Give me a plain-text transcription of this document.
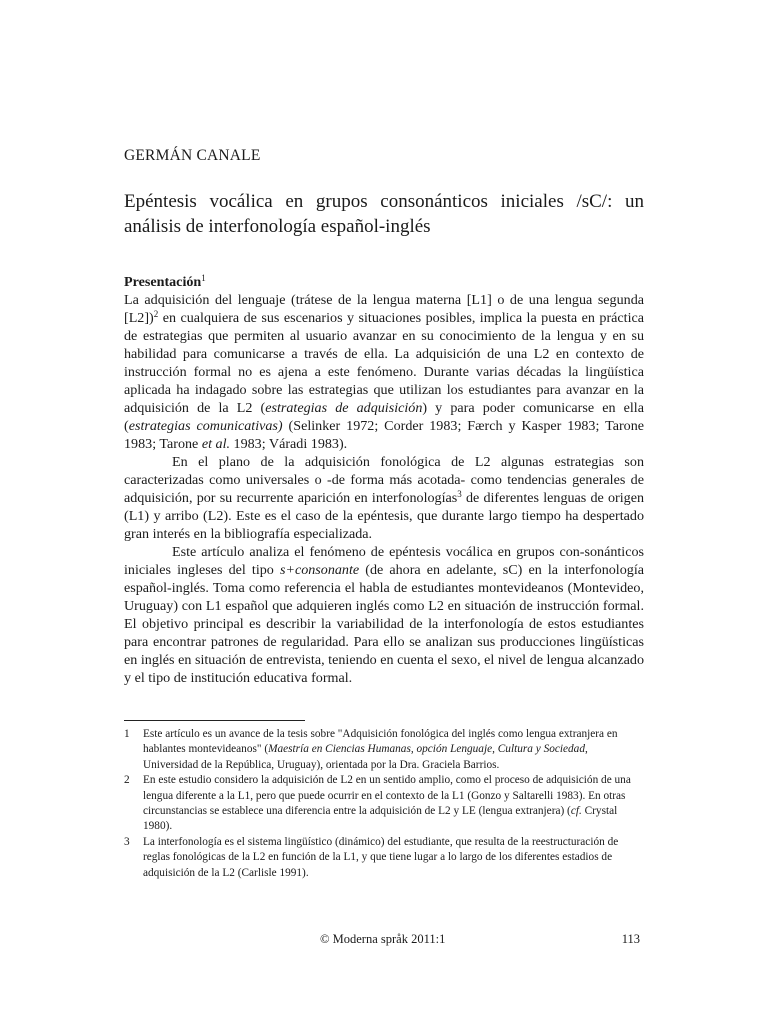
GERMÁN CANALE
Epéntesis vocálica en grupos consonánticos iniciales /sC/: un análisis de interfonología español-inglés
Presentación$^1$

La adquisición del lenguaje (trátese de la lengua materna [L1] o de una lengua segunda [L2])$^2$ en cualquiera de sus escenarios y situaciones posibles, implica la puesta en práctica de estrategias que permiten al usuario avanzar en su conocimiento de la lengua y en su habilidad para comunicarse a través de ella. La adquisición de una L2 en contexto de instrucción formal no es ajena a este fenómeno. Durante varias décadas la lingüística aplicada ha indagado sobre las estrategias que utilizan los estudiantes para avanzar en la adquisición de la L2 (estrategias de adquisición) y para poder comunicarse en ella (estrategias comunicativas) (Selinker 1972; Corder 1983; Færch y Kasper 1983; Tarone 1983; Tarone et al. 1983; Váradi 1983).

En el plano de la adquisición fonológica de L2 algunas estrategias son caracterizadas como universales o -de forma más acotada- como tendencias generales de adquisición, por su recurrente aparición en interfonologías$^3$ de diferentes lenguas de origen (L1) y arribo (L2). Este es el caso de la epéntesis, que durante largo tiempo ha despertado gran interés en la bibliografía especializada.

Este artículo analiza el fenómeno de epéntesis vocálica en grupos con-sonánticos iniciales ingleses del tipo s+consonante (de ahora en adelante, sC) en la interfonología español-inglés. Toma como referencia el habla de estudiantes montevideanos (Montevideo, Uruguay) con L1 español que adquieren inglés como L2 en situación de instrucción formal. El objetivo principal es describir la variabilidad de la interfonología de estos estudiantes para encontrar patrones de regularidad. Para ello se analizan sus producciones lingüísticas en inglés en situación de entrevista, teniendo en cuenta el sexo, el nivel de lengua alcanzado y el tipo de institución educativa formal.

1	Este artículo es un avance de la tesis sobre "Adquisición fonológica del inglés como lengua extranjera en hablantes montevideanos" (Maestría en Ciencias Humanas, opción Lenguaje, Cultura y Sociedad, Universidad de la República, Uruguay), orientada por la Dra. Graciela Barrios.
2	En este estudio considero la adquisición de L2 en un sentido amplio, como el proceso de adquisición de una lengua diferente a la L1, pero que puede ocurrir en el contexto de la L1 (Gonzo y Saltarelli 1983). En otras circunstancias se establece una diferencia entre la adquisición de L2 y LE (lengua extranjera) (cf. Crystal 1980).
3	La interfonología es el sistema lingüístico (dinámico) del estudiante, que resulta de la reestructuración de reglas fonológicas de la L2 en función de la L1, y que tiene lugar a lo largo de los diferentes estadios de adquisición de la L2 (Carlisle 1991).
© Moderna språk 2011:1	113
